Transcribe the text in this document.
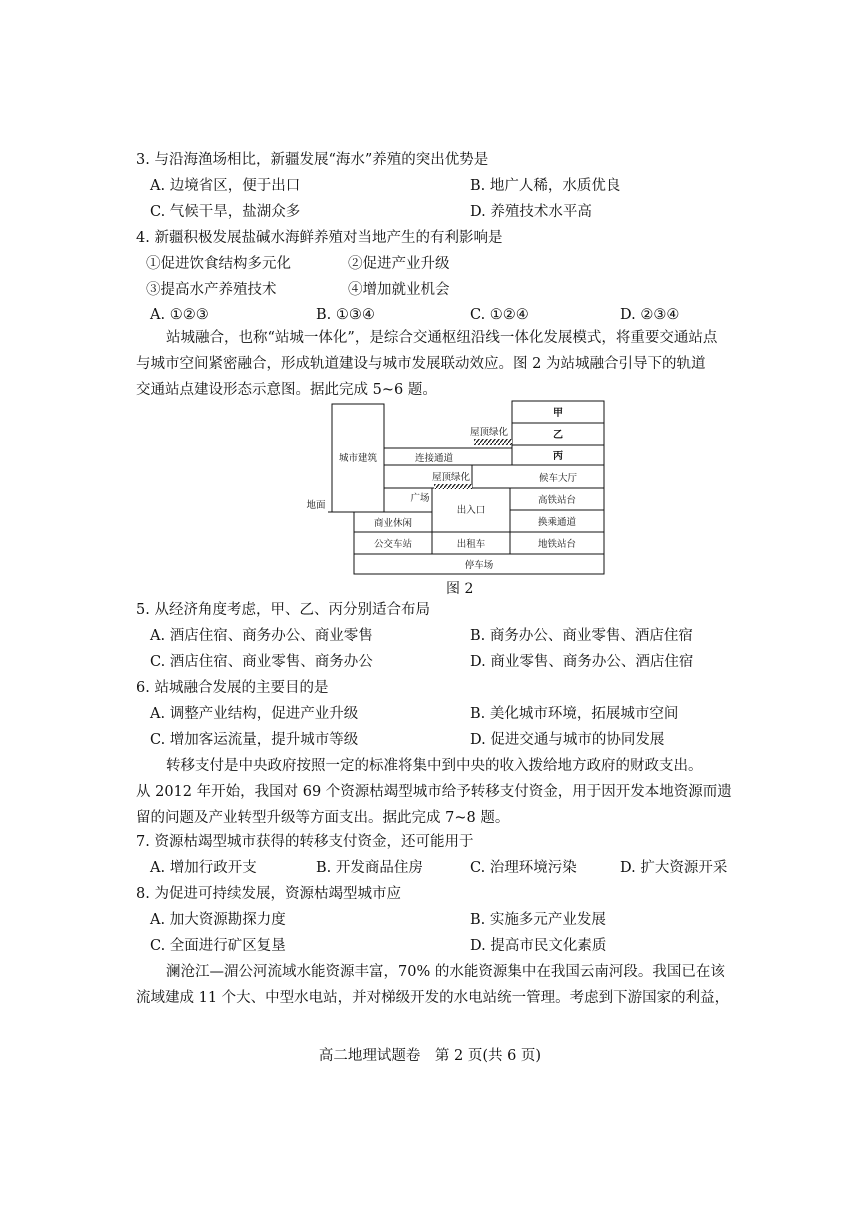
3. 与沿海渔场相比，新疆发展“海水”养殖的突出优势是
A. 边境省区，便于出口	B. 地广人稀，水质优良
C. 气候干旱，盐湖众多	D. 养殖技术水平高
4. 新疆积极发展盐碱水海鲜养殖对当地产生的有利影响是
①促进饮食结构多元化	②促进产业升级
③提高水产养殖技术	④增加就业机会
A. ①②③	B. ①③④	C. ①②④	D. ②③④
站城融合，也称“站城一体化”，是综合交通枢纽沿线一体化发展模式，将重要交通站点
与城市空间紧密融合，形成轨道建设与城市发展联动效应。图 2 为站城融合引导下的轨道
交通站点建设形态示意图。据此完成 5~6 题。
甲
乙
丙
屋顶绿化
城市建筑	连接通道
屋顶绿化	候车大厅
广场
出入口
高铁站台
地面
商业休闲	换乘通道
公交车站	出租车	地铁站台
停车场
图 2
5. 从经济角度考虑，甲、乙、丙分别适合布局
A. 酒店住宿、商务办公、商业零售	B. 商务办公、商业零售、酒店住宿
C. 酒店住宿、商业零售、商务办公	D. 商业零售、商务办公、酒店住宿
6. 站城融合发展的主要目的是
A. 调整产业结构，促进产业升级	B. 美化城市环境，拓展城市空间
C. 增加客运流量，提升城市等级	D. 促进交通与城市的协同发展
转移支付是中央政府按照一定的标准将集中到中央的收入拨给地方政府的财政支出。
从 2012 年开始，我国对 69 个资源枯竭型城市给予转移支付资金，用于因开发本地资源而遗
留的问题及产业转型升级等方面支出。据此完成 7~8 题。
7. 资源枯竭型城市获得的转移支付资金，还可能用于
A. 增加行政开支	B. 开发商品住房	C. 治理环境污染	D. 扩大资源开采
8. 为促进可持续发展，资源枯竭型城市应
A. 加大资源勘探力度	B. 实施多元产业发展
C. 全面进行矿区复垦	D. 提高市民文化素质
澜沧江—湄公河流域水能资源丰富，70% 的水能资源集中在我国云南河段。我国已在该
流域建成 11 个大、中型水电站，并对梯级开发的水电站统一管理。考虑到下游国家的利益，
高二地理试题卷　第 2 页(共 6 页)
